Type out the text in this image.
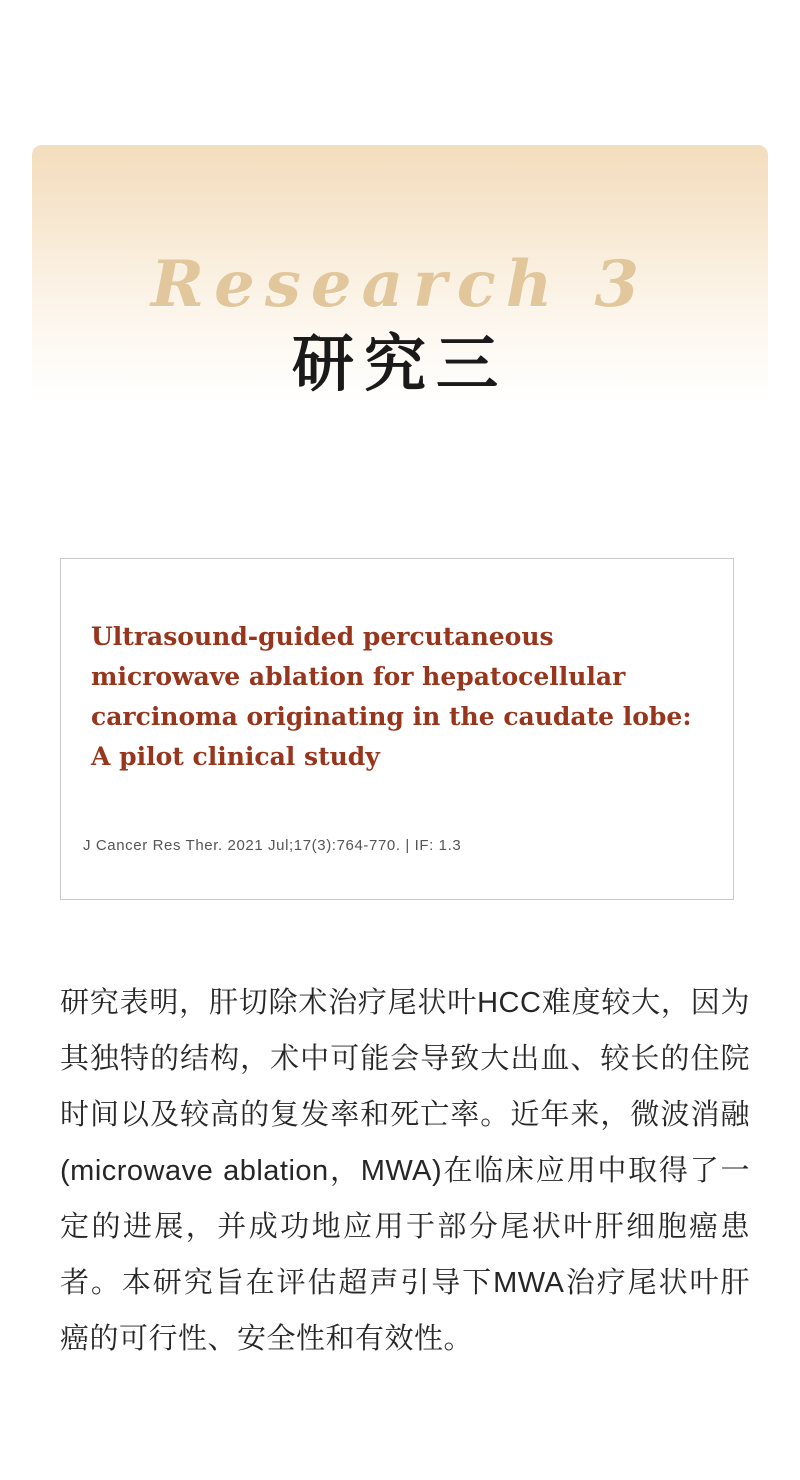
Research 3
研究三
Ultrasound-guided percutaneous microwave ablation for hepatocellular carcinoma originating in the caudate lobe: A pilot clinical study
J Cancer Res Ther. 2021 Jul;17(3):764-770. | IF: 1.3
研究表明，肝切除术治疗尾状叶HCC难度较大，因为其独特的结构，术中可能会导致大出血、较长的住院时间以及较高的复发率和死亡率。近年来，微波消融(microwave ablation，MWA)在临床应用中取得了一定的进展，并成功地应用于部分尾状叶肝细胞癌患者。本研究旨在评估超声引导下MWA治疗尾状叶肝癌的可行性、安全性和有效性。
